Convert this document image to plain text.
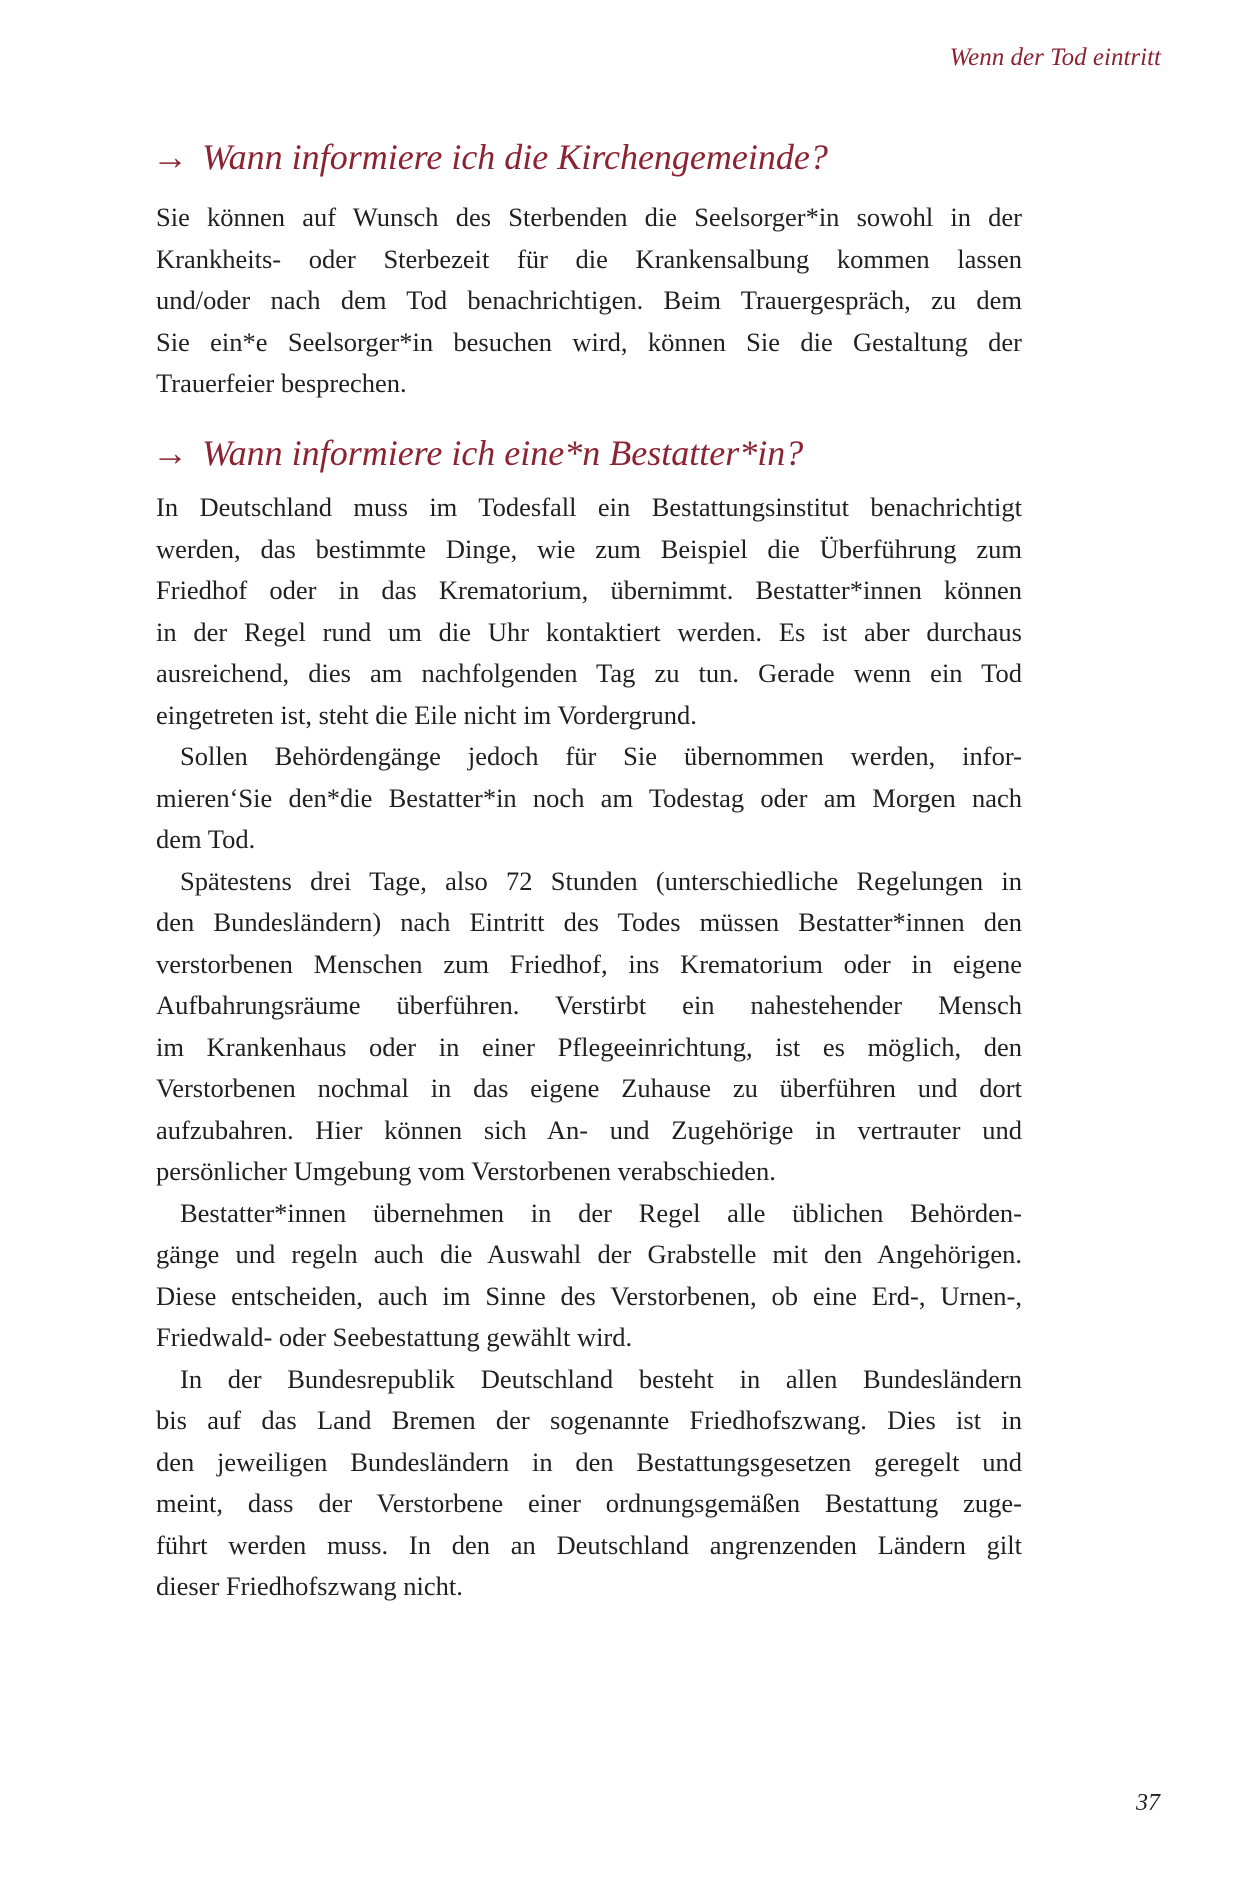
Wenn der Tod eintritt
→ Wann informiere ich die Kirchengemeinde?
Sie können auf Wunsch des Sterbenden die Seelsorger*in sowohl in der
Krankheits- oder Sterbezeit für die Krankensalbung kommen lassen
und/oder nach dem Tod benachrichtigen. Beim Trauergespräch, zu dem
Sie ein*e Seelsorger*in besuchen wird, können Sie die Gestaltung der
Trauerfeier besprechen.
→ Wann informiere ich eine*n Bestatter*in?
In Deutschland muss im Todesfall ein Bestattungsinstitut benachrichtigt
werden, das bestimmte Dinge, wie zum Beispiel die Überführung zum
Friedhof oder in das Krematorium, übernimmt. Bestatter*innen können
in der Regel rund um die Uhr kontaktiert werden. Es ist aber durchaus
ausreichend, dies am nachfolgenden Tag zu tun. Gerade wenn ein Tod
eingetreten ist, steht die Eile nicht im Vordergrund.
Sollen Behördengänge jedoch für Sie übernommen werden, infor-
mieren‘Sie den*die Bestatter*in noch am Todestag oder am Morgen nach
dem Tod.
Spätestens drei Tage, also 72 Stunden (unterschiedliche Regelungen in
den Bundesländern) nach Eintritt des Todes müssen Bestatter*innen den
verstorbenen Menschen zum Friedhof, ins Krematorium oder in eigene
Aufbahrungsräume überführen. Verstirbt ein nahestehender Mensch
im Krankenhaus oder in einer Pflegeeinrichtung, ist es möglich, den
Verstorbenen nochmal in das eigene Zuhause zu überführen und dort
aufzubahren. Hier können sich An- und Zugehörige in vertrauter und
persönlicher Umgebung vom Verstorbenen verabschieden.
Bestatter*innen übernehmen in der Regel alle üblichen Behörden-
gänge und regeln auch die Auswahl der Grabstelle mit den Angehörigen.
Diese entscheiden, auch im Sinne des Verstorbenen, ob eine Erd-, Urnen-,
Friedwald- oder Seebestattung gewählt wird.
In der Bundesrepublik Deutschland besteht in allen Bundesländern
bis auf das Land Bremen der sogenannte Friedhofszwang. Dies ist in
den jeweiligen Bundesländern in den Bestattungsgesetzen geregelt und
meint, dass der Verstorbene einer ordnungsgemäßen Bestattung zuge-
führt werden muss. In den an Deutschland angrenzenden Ländern gilt
dieser Friedhofszwang nicht.
37
